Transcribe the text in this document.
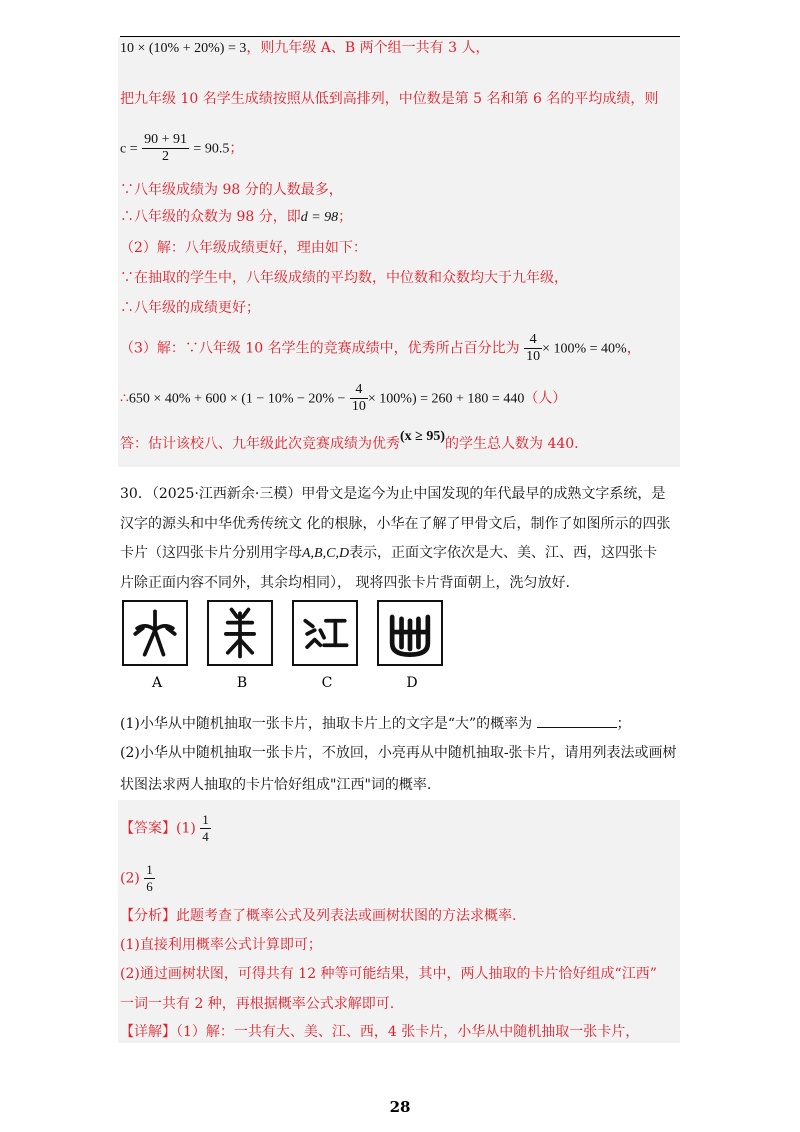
10 × (10% + 20%) = 3，则九年级 A、B 两个组一共有 3 人，
把九年级 10 名学生成绩按照从低到高排列，中位数是第 5 名和第 6 名的平均成绩，则
$c = \frac{90 + 91}{2} = 90.5$；
∵八年级成绩为 98 分的人数最多，
∴八年级的众数为 98 分，即d = 98；
（2）解：八年级成绩更好，理由如下：
∵在抽取的学生中，八年级成绩的平均数，中位数和众数均大于九年级，
∴八年级的成绩更好；
（3）解：∵八年级 10 名学生的竞赛成绩中，优秀所占百分比为 $\frac{4}{10} \times 100\% = 40\%$，
∴650 × $40\% + 600 \times (1 - 10\% - 20\% - \frac{4}{10} \times 100\%) = 260 + 180 = 440$（人）
答：估计该校八、九年级此次竞赛成绩为优秀(x ≥ 95)的学生总人数为 440.
30．（2025·江西新余·三模）甲骨文是迄今为止中国发现的年代最早的成熟文字系统，是
汉字的源头和中华优秀传统文 化的根脉，小华在了解了甲骨文后，制作了如图所示的四张
卡片（这四张卡片分别用字母A,B,C,D表示，正面文字依次是大、美、江、西，这四张卡
片除正面内容不同外，其余均相同）， 现将四张卡片背面朝上，洗匀放好.
A	B	C	D
(1)小华从中随机抽取一张卡片，抽取卡片上的文字是“大”的概率为	；
(2)小华从中随机抽取一张卡片，不放回，小亮再从中随机抽取-张卡片，请用列表法或画树
状图法求两人抽取的卡片恰好组成"江西"词的概率.
【答案】$(1) \frac{1}{4}$
$(2) \frac{1}{6}$
【分析】此题考查了概率公式及列表法或画树状图的方法求概率.
(1)直接利用概率公式计算即可；
(2)通过画树状图，可得共有 12 种等可能结果，其中，两人抽取的卡片恰好组成“江西”
一词一共有 2 种，再根据概率公式求解即可.
【详解】（1）解：一共有大、美、江、西，4 张卡片，小华从中随机抽取一张卡片，
28
